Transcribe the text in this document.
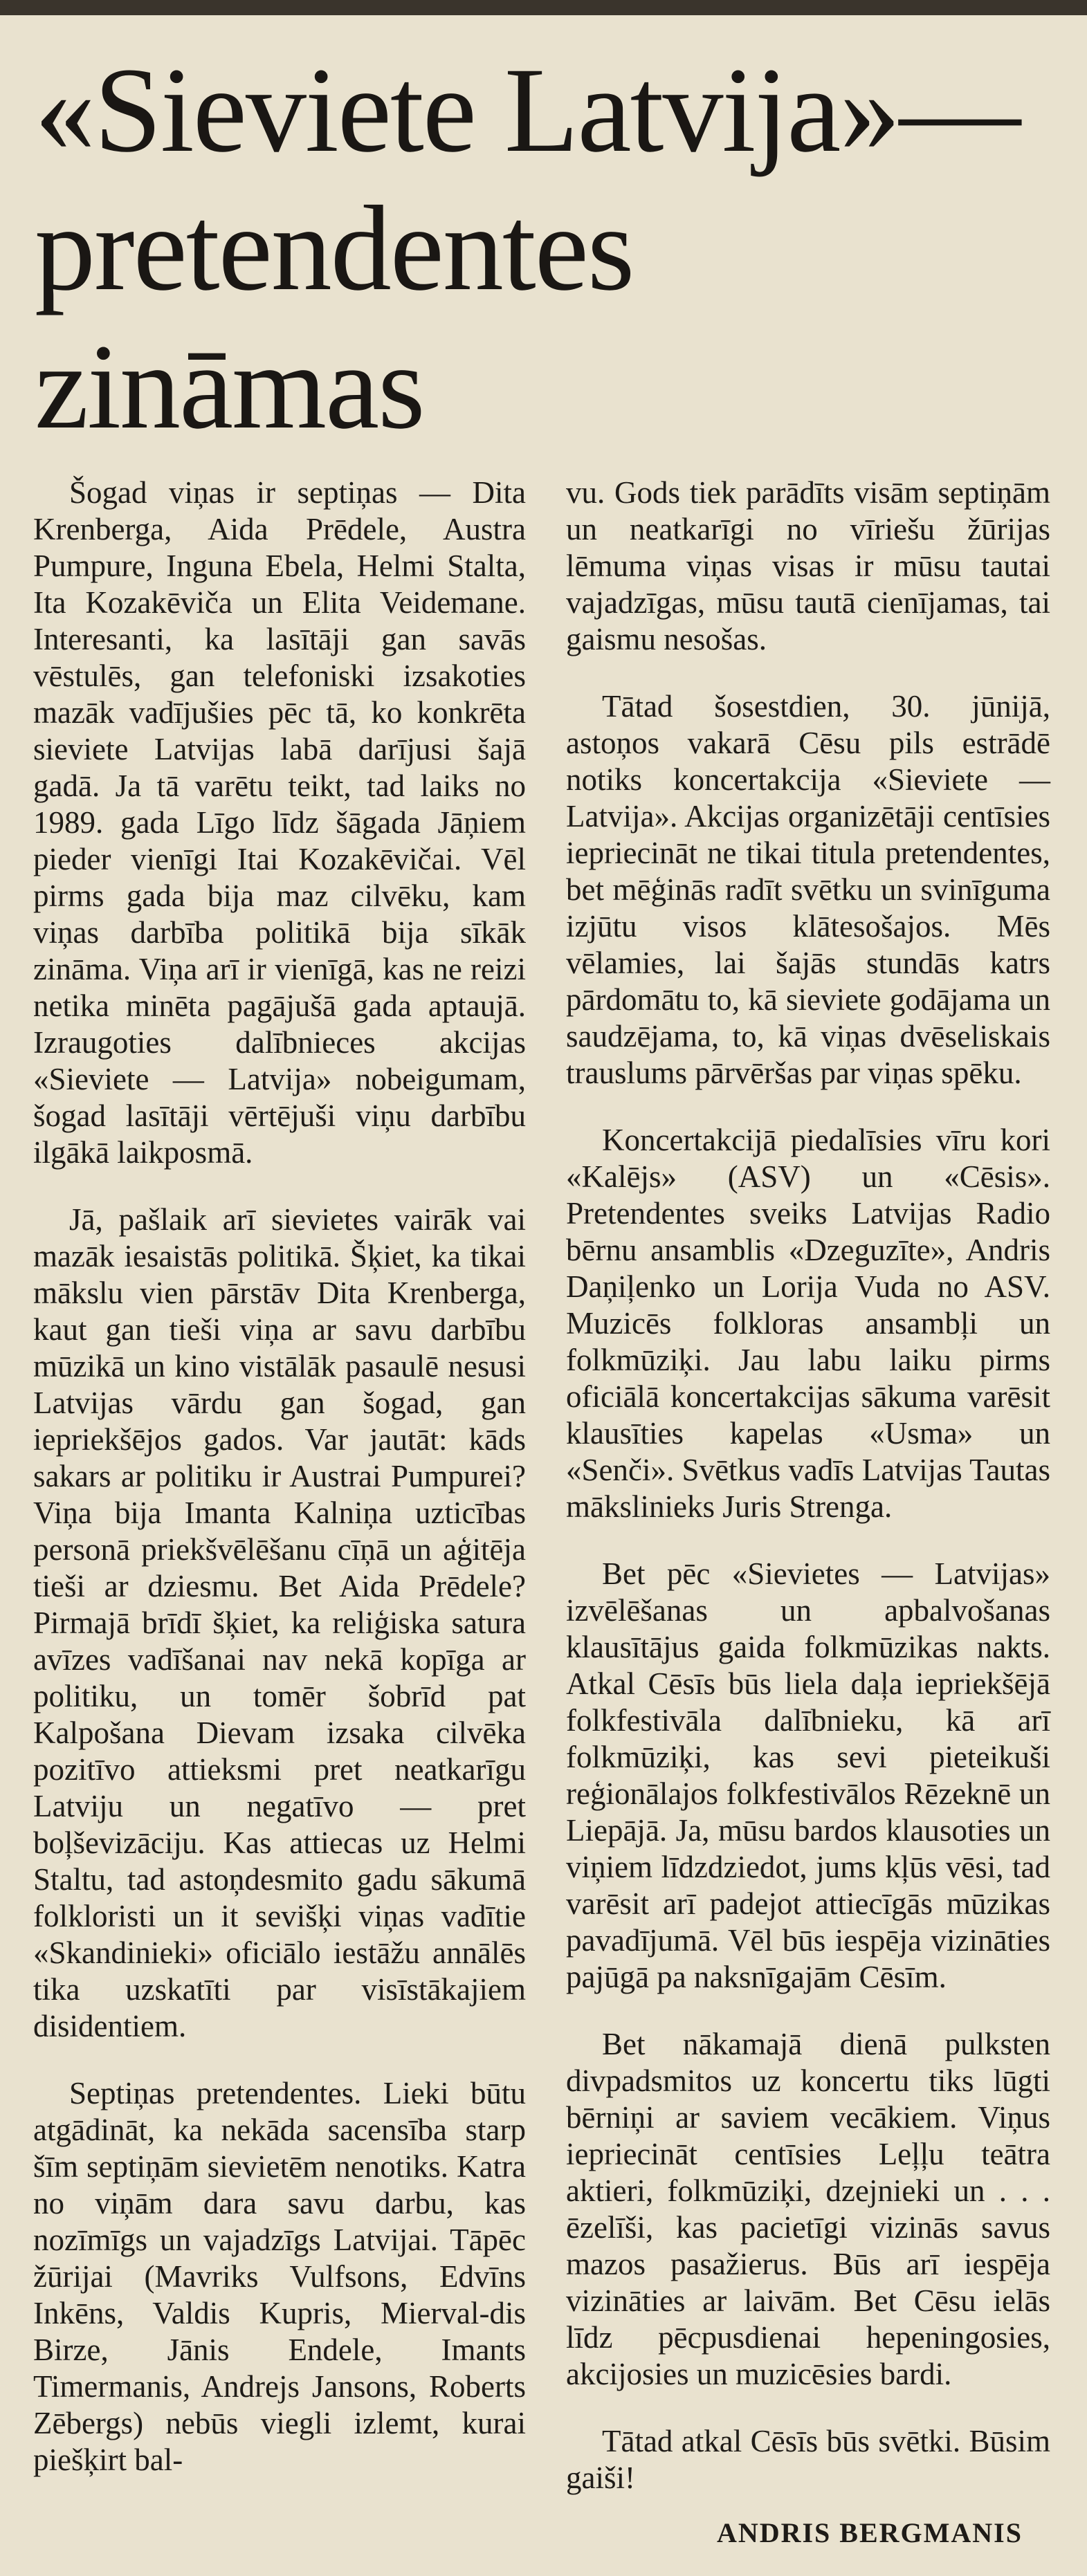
«Sieviete Latvija»—
pretendentes
zināmas

Šogad viņas ir septiņas — Dita Krenberga, Aida Prēdele, Austra Pumpure, Inguna Ebela, Helmi Stalta, Ita Kozakēviča un Elita Veidemane. Interesanti, ka lasītāji gan savās vēstulēs, gan telefoniski izsakoties mazāk vadījušies pēc tā, ko konkrēta sieviete Latvijas labā darījusi šajā gadā. Ja tā varētu teikt, tad laiks no 1989. gada Līgo līdz šāgada Jāņiem pieder vienīgi Itai Kozakēvičai. Vēl pirms gada bija maz cilvēku, kam viņas darbība politikā bija sīkāk zināma. Viņa arī ir vienīgā, kas ne reizi netika minēta pagājušā gada aptaujā. Izraugoties dalībnieces akcijas «Sieviete — Latvija» nobeigumam, šogad lasītāji vērtējuši viņu darbību ilgākā laikposmā.

Jā, pašlaik arī sievietes vairāk vai mazāk iesaistās politikā. Šķiet, ka tikai mākslu vien pārstāv Dita Krenberga, kaut gan tieši viņa ar savu darbību mūzikā un kino vistālāk pasaulē nesusi Latvijas vārdu gan šogad, gan iepriekšējos gados. Var jautāt: kāds sakars ar politiku ir Austrai Pumpurei? Viņa bija Imanta Kalniņa uzticības personā priekšvēlēšanu cīņā un aģitēja tieši ar dziesmu. Bet Aida Prēdele? Pirmajā brīdī šķiet, ka reliģiska satura avīzes vadīšanai nav nekā kopīga ar politiku, un tomēr šobrīd pat Kalpošana Dievam izsaka cilvēka pozitīvo attieksmi pret neatkarīgu Latviju un negatīvo — pret boļševizāciju. Kas attiecas uz Helmi Staltu, tad astoņdesmito gadu sākumā folkloristi un it sevišķi viņas vadītie «Skandinieki» oficiālo iestāžu annālēs tika uzskatīti par visīstākajiem disidentiem.

Septiņas pretendentes. Lieki būtu atgādināt, ka nekāda sacensība starp šīm septiņām sievietēm nenotiks. Katra no viņām dara savu darbu, kas nozīmīgs un vajadzīgs Latvijai. Tāpēc žūrijai (Mavriks Vulfsons, Edvīns Inkēns, Valdis Kupris, Mierval-dis Birze, Jānis Endele, Imants Timermanis, Andrejs Jansons, Roberts Zēbergs) nebūs viegli izlemt, kurai piešķirt bal-

vu. Gods tiek parādīts visām septiņām un neatkarīgi no vīriešu žūrijas lēmuma viņas visas ir mūsu tautai vajadzīgas, mūsu tautā cienījamas, tai gaismu nesošas.

Tātad šosestdien, 30. jūnijā, astoņos vakarā Cēsu pils estrādē notiks koncertakcija «Sieviete — Latvija». Akcijas organizētāji centīsies iepriecināt ne tikai titula pretendentes, bet mēģinās radīt svētku un svinīguma izjūtu visos klātesošajos. Mēs vēlamies, lai šajās stundās katrs pārdomātu to, kā sieviete godājama un saudzējama, to, kā viņas dvēseliskais trauslums pārvēršas par viņas spēku.

Koncertakcijā piedalīsies vīru kori «Kalējs» (ASV) un «Cēsis». Pretendentes sveiks Latvijas Radio bērnu ansamblis «Dzeguzīte», Andris Daņiļenko un Lorija Vuda no ASV. Muzicēs folkloras ansambļi un folkmūziķi. Jau labu laiku pirms oficiālā koncertakcijas sākuma varēsit klausīties kapelas «Usma» un «Senči». Svētkus vadīs Latvijas Tautas mākslinieks Juris Strenga.

Bet pēc «Sievietes — Latvijas» izvēlēšanas un apbalvošanas klausītājus gaida folkmūzikas nakts. Atkal Cēsīs būs liela daļa iepriekšējā folkfestivāla dalībnieku, kā arī folkmūziķi, kas sevi pieteikuši reģionālajos folkfestivālos Rēzeknē un Liepājā. Ja, mūsu bardos klausoties un viņiem līdzdziedot, jums kļūs vēsi, tad varēsit arī padejot attiecīgās mūzikas pavadījumā. Vēl būs iespēja vizināties pajūgā pa naksnīgajām Cēsīm.

Bet nākamajā dienā pulksten divpadsmitos uz koncertu tiks lūgti bērniņi ar saviem vecākiem. Viņus iepriecināt centīsies Leļļu teātra aktieri, folkmūziķi, dzejnieki un . . . ēzelīši, kas pacietīgi vizinās savus mazos pasažierus. Būs arī iespēja vizināties ar laivām. Bet Cēsu ielās līdz pēcpusdienai hepeningosies, akcijosies un muzicēsies bardi.

Tātad atkal Cēsīs būs svētki. Būsim gaiši!

ANDRIS BERGMANIS
